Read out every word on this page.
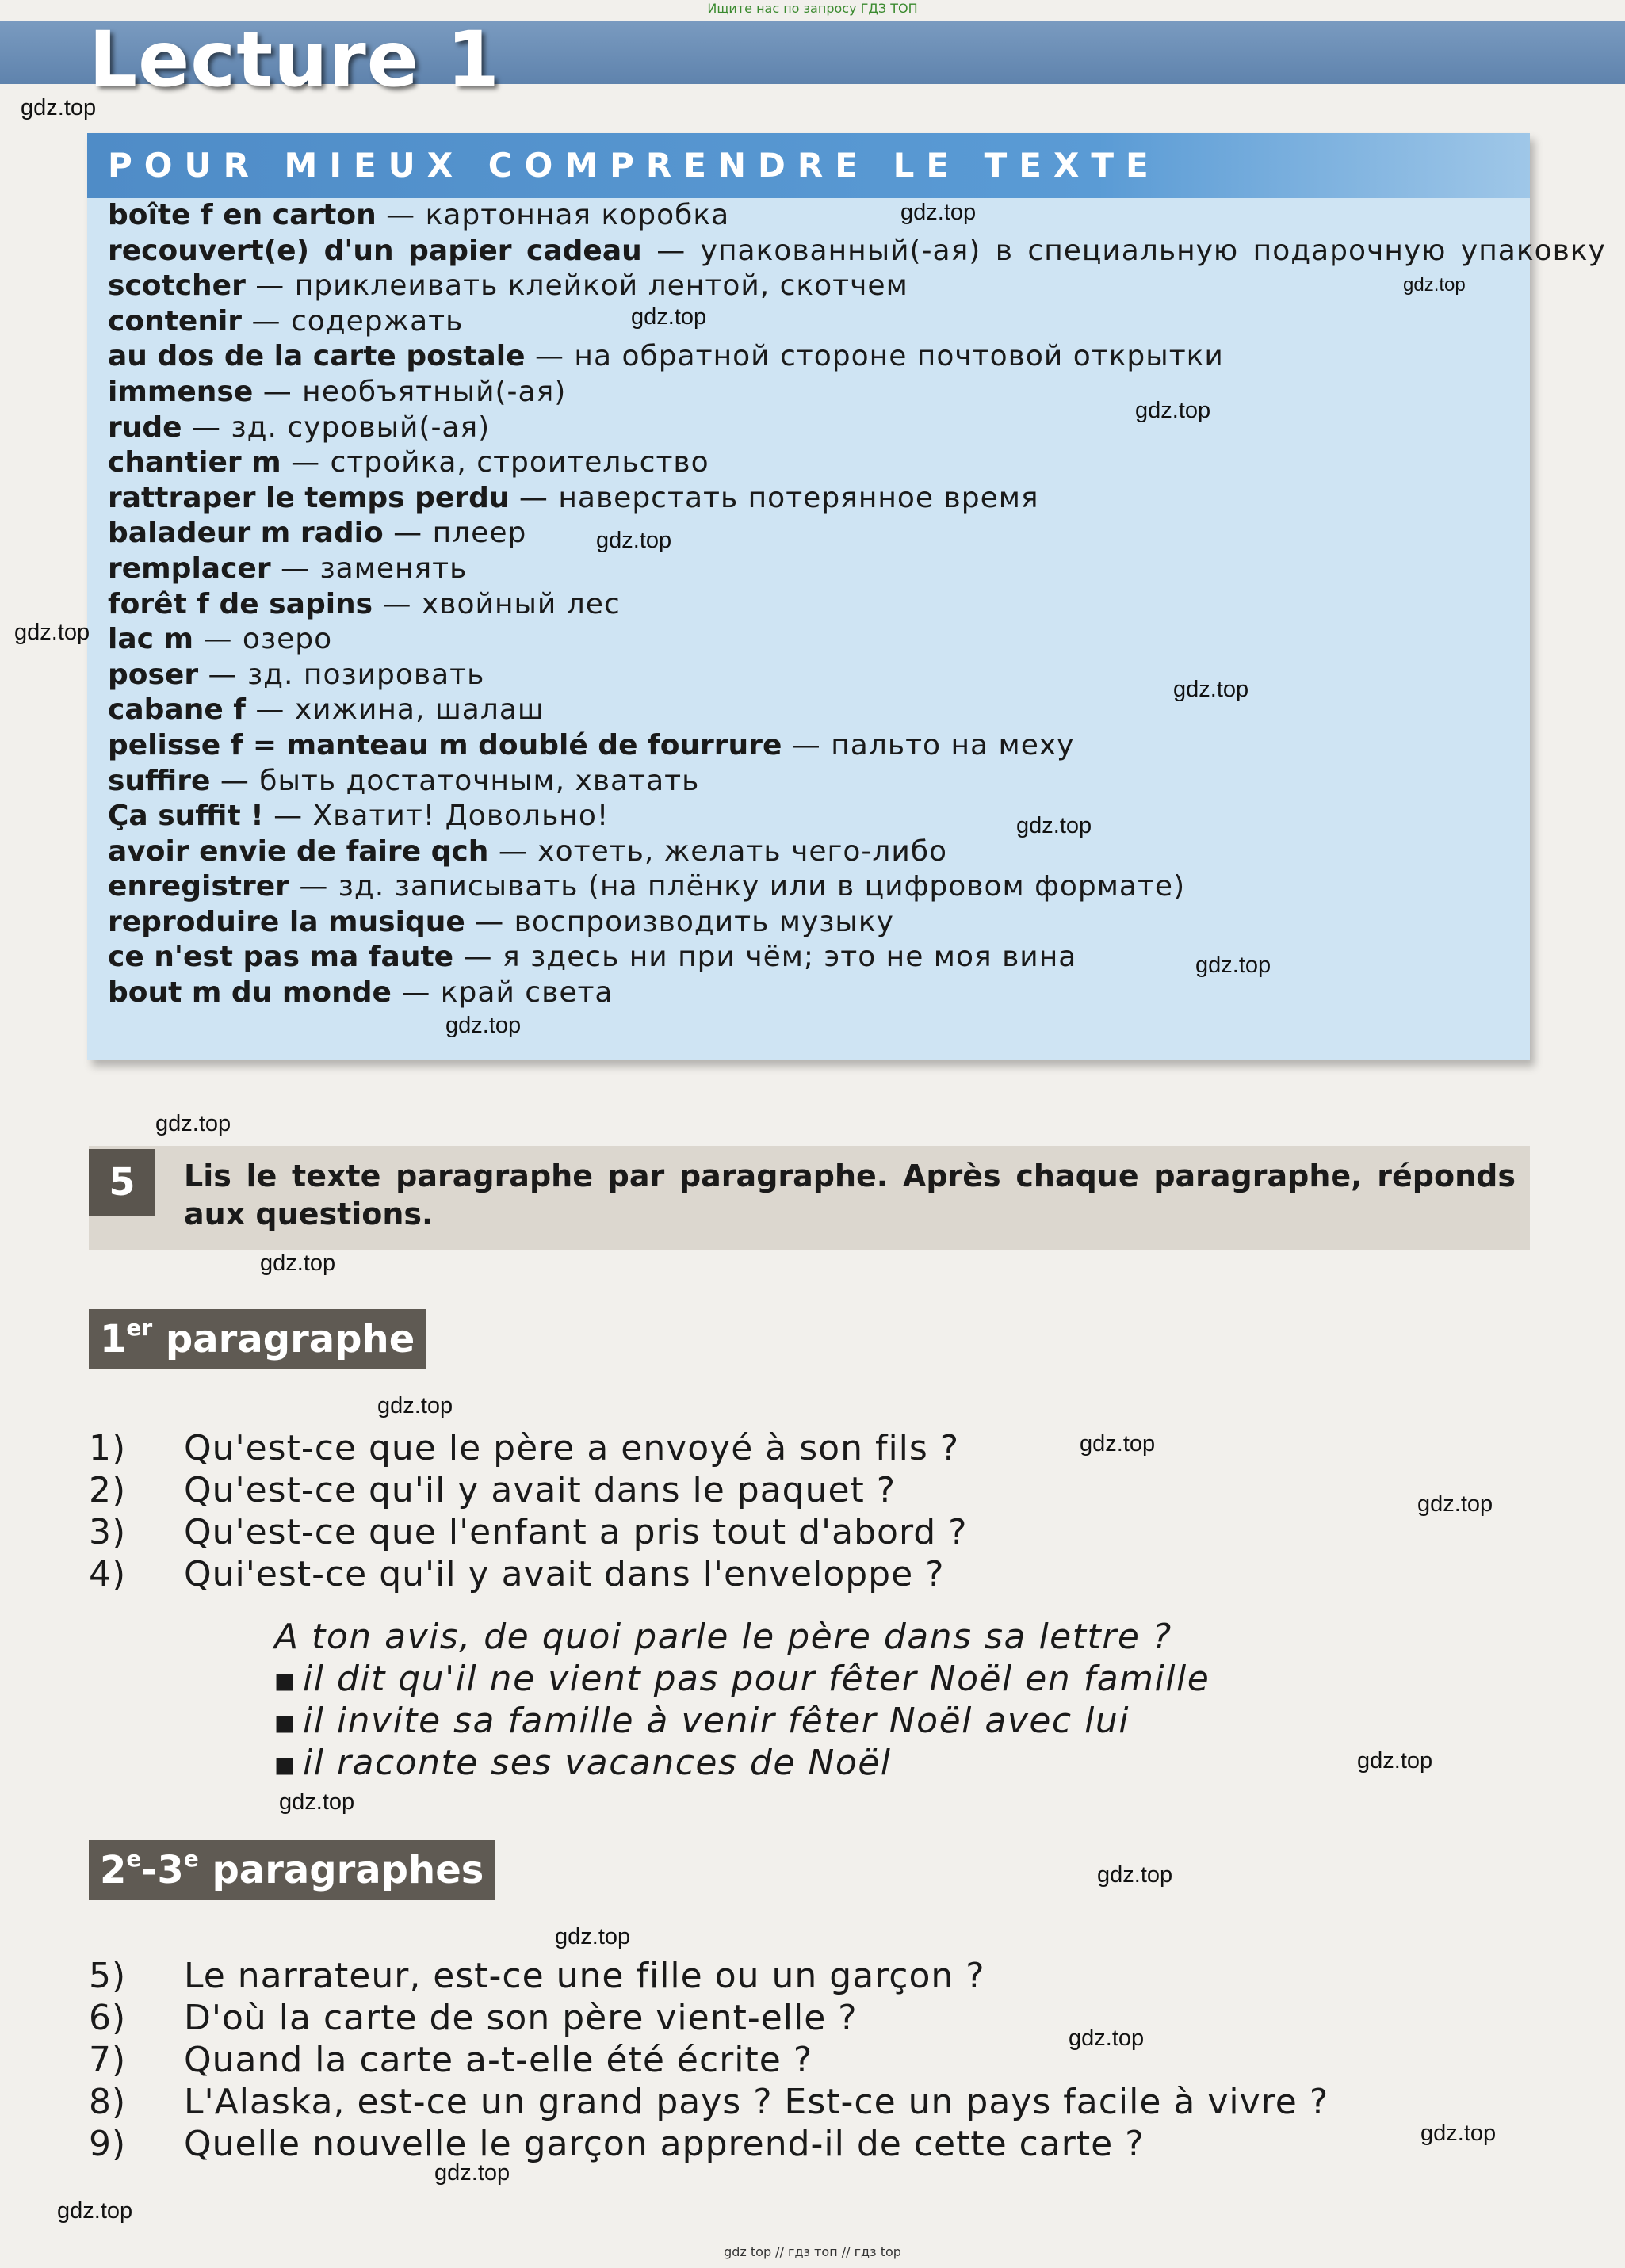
Ищите нас по запросу ГДЗ ТОП
Lecture 1
POUR MIEUX COMPRENDRE LE TEXTE
boîte f en carton — картонная коробка
recouvert(e) d'un papier cadeau — упакованный(-ая) в специальную подарочную упаковку
scotcher — приклеивать клейкой лентой, скотчем
contenir — содержать
au dos de la carte postale — на обратной стороне почтовой открытки
immense — необъятный(-ая)
rude — зд. суровый(-ая)
chantier m — стройка, строительство
rattraper le temps perdu — наверстать потерянное время
baladeur m radio — плеер
remplacer — заменять
forêt f de sapins — хвойный лес
lac m — озеро
poser — зд. позировать
cabane f — хижина, шалаш
pelisse f = manteau m doublé de fourrure — пальто на меху
suffire — быть достаточным, хватать
Ça suffit ! — Хватит! Довольно!
avoir envie de faire qch — хотеть, желать чего-либо
enregistrer — зд. записывать (на плёнку или в цифровом формате)
reproduire la musique — воспроизводить музыку
ce n'est pas ma faute — я здесь ни при чём; это не моя вина
bout m du monde — край света
5	Lis le texte paragraphe par paragraphe. Après chaque paragraphe, réponds aux questions.
1er paragraphe
1) Qu'est-ce que le père a envoyé à son fils ?
2) Qu'est-ce qu'il y avait dans le paquet ?
3) Qu'est-ce que l'enfant a pris tout d'abord ?
4) Qui'est-ce qu'il y avait dans l'enveloppe ?
A ton avis, de quoi parle le père dans sa lettre ?
■ il dit qu'il ne vient pas pour fêter Noël en famille
■ il invite sa famille à venir fêter Noël avec lui
■ il raconte ses vacances de Noël
2e-3e paragraphes
5) Le narrateur, est-ce une fille ou un garçon ?
6) D'où la carte de son père vient-elle ?
7) Quand la carte a-t-elle été écrite ?
8) L'Alaska, est-ce un grand pays ? Est-ce un pays facile à vivre ?
9) Quelle nouvelle le garçon apprend-il de cette carte ?
gdz.top
gdz.top
gdz.top
gdz.top
gdz.top
gdz.top
gdz.top
gdz.top
gdz.top
gdz.top
gdz.top
gdz.top
gdz.top
gdz.top
gdz.top
gdz.top
gdz.top
gdz.top
gdz.top
gdz.top
gdz.top
gdz.top
gdz.top
gdz.top
gdz top // гдз топ // гдз top
